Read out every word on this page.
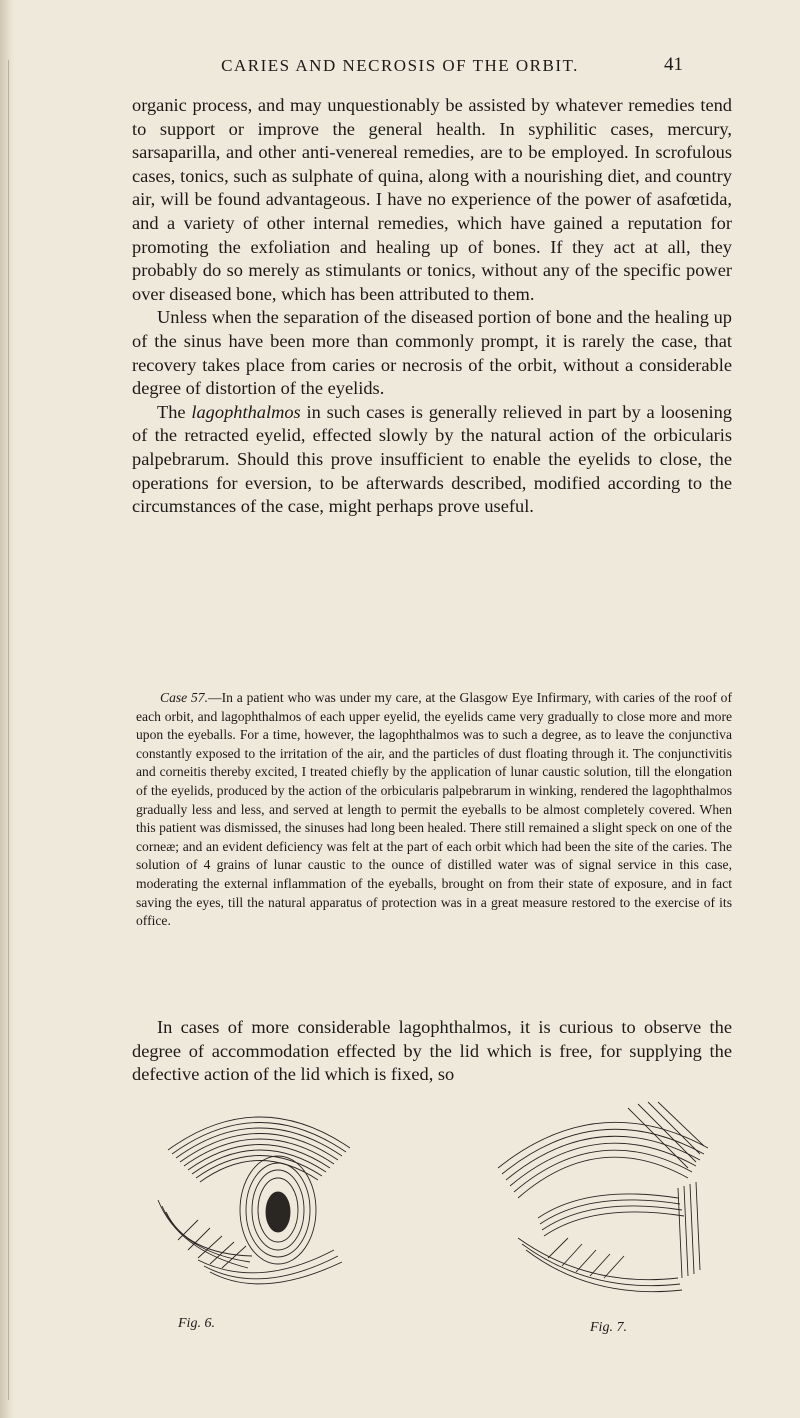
CARIES AND NECROSIS OF THE ORBIT.	41

organic process, and may unquestionably be assisted by whatever remedies tend to support or improve the general health. In syphilitic cases, mercury, sarsaparilla, and other anti-venereal remedies, are to be employed. In scrofulous cases, tonics, such as sulphate of quina, along with a nourishing diet, and country air, will be found advantageous. I have no experience of the power of asafœtida, and a variety of other internal remedies, which have gained a reputation for promoting the exfoliation and healing up of bones. If they act at all, they probably do so merely as stimulants or tonics, without any of the specific power over diseased bone, which has been attributed to them.

Unless when the separation of the diseased portion of bone and the healing up of the sinus have been more than commonly prompt, it is rarely the case, that recovery takes place from caries or necrosis of the orbit, without a considerable degree of distortion of the eyelids.

The lagophthalmos in such cases is generally relieved in part by a loosening of the retracted eyelid, effected slowly by the natural action of the orbicularis palpebrarum. Should this prove insufficient to enable the eyelids to close, the operations for eversion, to be afterwards described, modified according to the circumstances of the case, might perhaps prove useful.

Case 57.—In a patient who was under my care, at the Glasgow Eye Infirmary, with caries of the roof of each orbit, and lagophthalmos of each upper eyelid, the eyelids came very gradually to close more and more upon the eyeballs. For a time, however, the lagophthalmos was to such a degree, as to leave the conjunctiva constantly exposed to the irritation of the air, and the particles of dust floating through it. The conjunctivitis and corneitis thereby excited, I treated chiefly by the application of lunar caustic solution, till the elongation of the eyelids, produced by the action of the orbicularis palpebrarum in winking, rendered the lagophthalmos gradually less and less, and served at length to permit the eyeballs to be almost completely covered. When this patient was dismissed, the sinuses had long been healed. There still remained a slight speck on one of the corneæ; and an evident deficiency was felt at the part of each orbit which had been the site of the caries. The solution of 4 grains of lunar caustic to the ounce of distilled water was of signal service in this case, moderating the external inflammation of the eyeballs, brought on from their state of exposure, and in fact saving the eyes, till the natural apparatus of protection was in a great measure restored to the exercise of its office.

In cases of more considerable lagophthalmos, it is curious to observe the degree of accommodation effected by the lid which is free, for supplying the defective action of the lid which is fixed, so

Fig. 6.	Fig. 7.
